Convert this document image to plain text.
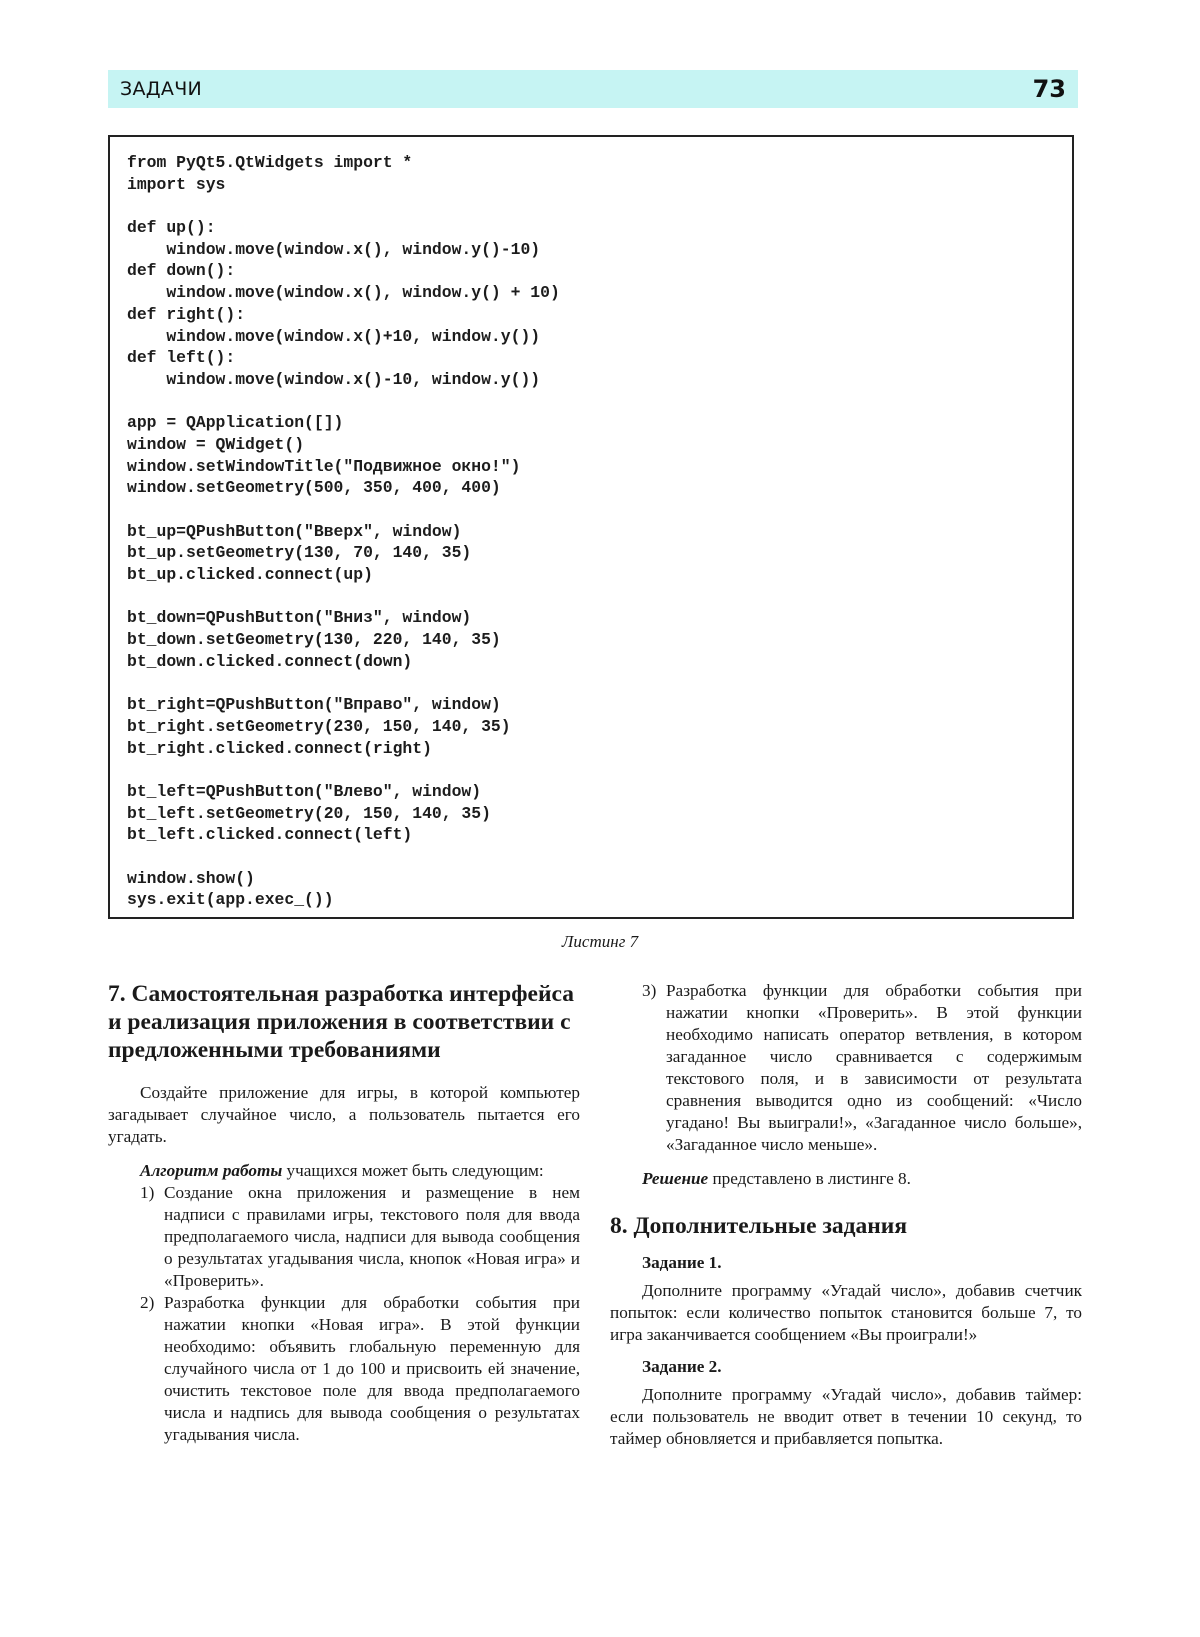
ЗАДАЧИ	73
from PyQt5.QtWidgets import *
import sys
def up():
window.move(window.x(), window.y()-10)
def down():
window.move(window.x(), window.y() + 10)
def right():
window.move(window.x()+10, window.y())
def left():
window.move(window.x()-10, window.y())
app = QApplication([])
window = QWidget()
window.setWindowTitle("Подвижное окно!")
window.setGeometry(500, 350, 400, 400)
bt_up=QPushButton("Вверх", window)
bt_up.setGeometry(130, 70, 140, 35)
bt_up.clicked.connect(up)
bt_down=QPushButton("Вниз", window)
bt_down.setGeometry(130, 220, 140, 35)
bt_down.clicked.connect(down)
bt_right=QPushButton("Вправо", window)
bt_right.setGeometry(230, 150, 140, 35)
bt_right.clicked.connect(right)
bt_left=QPushButton("Влево", window)
bt_left.setGeometry(20, 150, 140, 35)
bt_left.clicked.connect(left)
window.show()
sys.exit(app.exec_())
Листинг 7
7. Самостоятельная разработка интерфейса и реализация приложения в соответствии с предложенными требованиями

Создайте приложение для игры, в которой компьютер загадывает случайное число, а пользователь пытается его угадать.

Алгоритм работы учащихся может быть следующим:

1) Создание окна приложения и размещение в нем надписи с правилами игры, текстового поля для ввода предполагаемого числа, надписи для вывода сообщения о результатах угадывания числа, кнопок «Новая игра» и «Проверить».
2) Разработка функции для обработки события при нажатии кнопки «Новая игра». В этой функции необходимо: объявить глобальную переменную для случайного числа от 1 до 100 и присвоить ей значение, очистить текстовое поле для ввода предполагаемого числа и надпись для вывода сообщения о результатах угадывания числа.
3) Разработка функции для обработки события при нажатии кнопки «Проверить». В этой функции необходимо написать оператор ветвления, в котором загаданное число сравнивается с содержимым текстового поля, и в зависимости от результата сравнения выводится одно из сообщений: «Число угадано! Вы выиграли!», «Загаданное число больше», «Загаданное число меньше».

Решение представлено в листинге 8.

8. Дополнительные задания
Задание 1.

Дополните программу «Угадай число», добавив счетчик попыток: если количество попыток становится больше 7, то игра заканчивается сообщением «Вы проиграли!»

Задание 2.

Дополните программу «Угадай число», добавив таймер: если пользователь не вводит ответ в течении 10 секунд, то таймер обновляется и прибавляется попытка.
